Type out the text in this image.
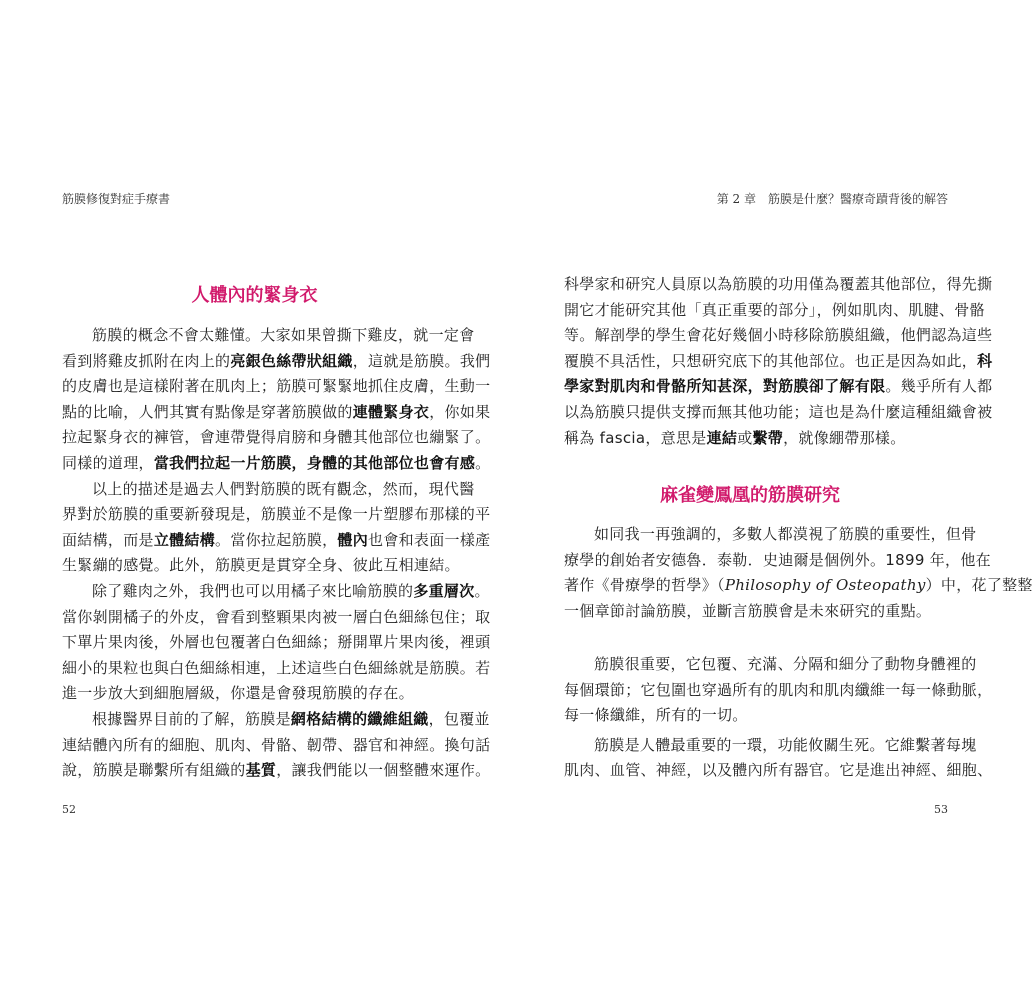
筋膜修復對症手療書
人體內的緊身衣

筋膜的概念不會太難懂。大家如果曾撕下雞皮，就一定會

看到將雞皮抓附在肉上的亮銀色絲帶狀組織，這就是筋膜。我們

的皮膚也是這樣附著在肌肉上；筋膜可緊緊地抓住皮膚，生動一

點的比喻，人們其實有點像是穿著筋膜做的連體緊身衣，你如果

拉起緊身衣的褲管，會連帶覺得肩膀和身體其他部位也繃緊了。

同樣的道理，當我們拉起一片筋膜，身體的其他部位也會有感。

以上的描述是過去人們對筋膜的既有觀念，然而，現代醫

界對於筋膜的重要新發現是，筋膜並不是像一片塑膠布那樣的平

面結構，而是立體結構。當你拉起筋膜，體內也會和表面一樣產

生緊繃的感覺。此外，筋膜更是貫穿全身、彼此互相連結。

除了雞肉之外，我們也可以用橘子來比喻筋膜的多重層次。

當你剝開橘子的外皮，會看到整顆果肉被一層白色細絲包住；取

下單片果肉後，外層也包覆著白色細絲；掰開單片果肉後，裡頭

細小的果粒也與白色細絲相連，上述這些白色細絲就是筋膜。若

進一步放大到細胞層級，你還是會發現筋膜的存在。

根據醫界目前的了解，筋膜是網格結構的纖維組織，包覆並

連結體內所有的細胞、肌肉、骨骼、韌帶、器官和神經。換句話

說，筋膜是聯繫所有組織的基質，讓我們能以一個整體來運作。

52
第 2 章　筋膜是什麼？醫療奇蹟背後的解答

科學家和研究人員原以為筋膜的功用僅為覆蓋其他部位，得先撕

開它才能研究其他「真正重要的部分」，例如肌肉、肌腱、骨骼

等。解剖學的學生會花好幾個小時移除筋膜組織，他們認為這些

覆膜不具活性，只想研究底下的其他部位。也正是因為如此，科

學家對肌肉和骨骼所知甚深，對筋膜卻了解有限。幾乎所有人都

以為筋膜只提供支撐而無其他功能；這也是為什麼這種組織會被

稱為 fascia，意思是連結或繫帶，就像綳帶那樣。

麻雀變鳳凰的筋膜研究

如同我一再強調的，多數人都漠視了筋膜的重要性，但骨

療學的創始者安德魯．泰勒．史迪爾是個例外。1899 年，他在

著作《骨療學的哲學》（Philosophy of Osteopathy）中，花了整整

一個章節討論筋膜，並斷言筋膜會是未來研究的重點。

筋膜很重要，它包覆、充滿、分隔和細分了動物身體裡的

每個環節；它包圍也穿過所有的肌肉和肌肉纖維一每一條動脈，

每一條纖維，所有的一切。

筋膜是人體最重要的一環，功能攸關生死。它維繫著每塊

肌肉、血管、神經，以及體內所有器官。它是進出神經、細胞、

53
